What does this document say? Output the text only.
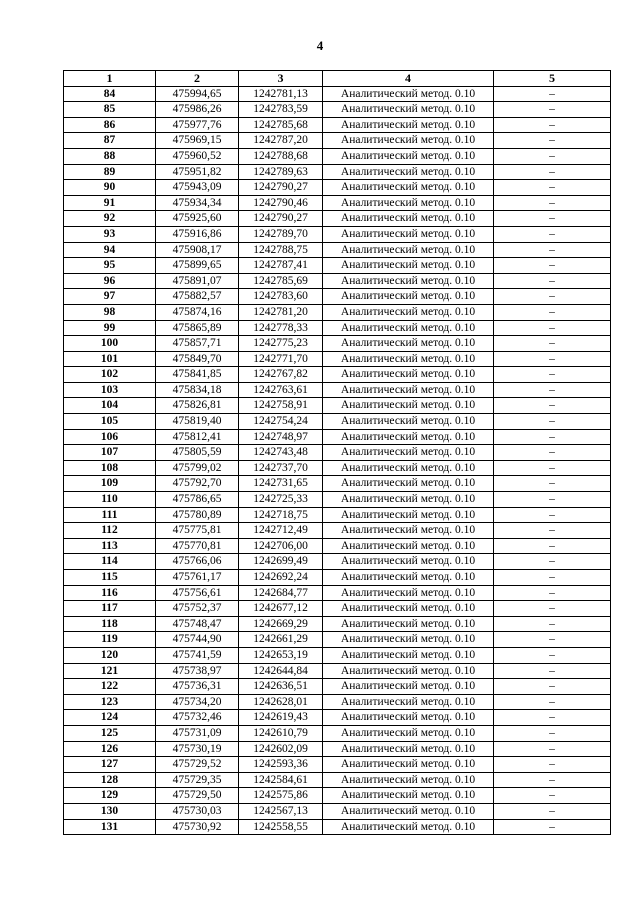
4
1	2	3	4	5
84	475994,65	1242781,13	Аналитический метод. 0.10	–
85	475986,26	1242783,59	Аналитический метод. 0.10	–
86	475977,76	1242785,68	Аналитический метод. 0.10	–
87	475969,15	1242787,20	Аналитический метод. 0.10	–
88	475960,52	1242788,68	Аналитический метод. 0.10	–
89	475951,82	1242789,63	Аналитический метод. 0.10	–
90	475943,09	1242790,27	Аналитический метод. 0.10	–
91	475934,34	1242790,46	Аналитический метод. 0.10	–
92	475925,60	1242790,27	Аналитический метод. 0.10	–
93	475916,86	1242789,70	Аналитический метод. 0.10	–
94	475908,17	1242788,75	Аналитический метод. 0.10	–
95	475899,65	1242787,41	Аналитический метод. 0.10	–
96	475891,07	1242785,69	Аналитический метод. 0.10	–
97	475882,57	1242783,60	Аналитический метод. 0.10	–
98	475874,16	1242781,20	Аналитический метод. 0.10	–
99	475865,89	1242778,33	Аналитический метод. 0.10	–
100	475857,71	1242775,23	Аналитический метод. 0.10	–
101	475849,70	1242771,70	Аналитический метод. 0.10	–
102	475841,85	1242767,82	Аналитический метод. 0.10	–
103	475834,18	1242763,61	Аналитический метод. 0.10	–
104	475826,81	1242758,91	Аналитический метод. 0.10	–
105	475819,40	1242754,24	Аналитический метод. 0.10	–
106	475812,41	1242748,97	Аналитический метод. 0.10	–
107	475805,59	1242743,48	Аналитический метод. 0.10	–
108	475799,02	1242737,70	Аналитический метод. 0.10	–
109	475792,70	1242731,65	Аналитический метод. 0.10	–
110	475786,65	1242725,33	Аналитический метод. 0.10	–
111	475780,89	1242718,75	Аналитический метод. 0.10	–
112	475775,81	1242712,49	Аналитический метод. 0.10	–
113	475770,81	1242706,00	Аналитический метод. 0.10	–
114	475766,06	1242699,49	Аналитический метод. 0.10	–
115	475761,17	1242692,24	Аналитический метод. 0.10	–
116	475756,61	1242684,77	Аналитический метод. 0.10	–
117	475752,37	1242677,12	Аналитический метод. 0.10	–
118	475748,47	1242669,29	Аналитический метод. 0.10	–
119	475744,90	1242661,29	Аналитический метод. 0.10	–
120	475741,59	1242653,19	Аналитический метод. 0.10	–
121	475738,97	1242644,84	Аналитический метод. 0.10	–
122	475736,31	1242636,51	Аналитический метод. 0.10	–
123	475734,20	1242628,01	Аналитический метод. 0.10	–
124	475732,46	1242619,43	Аналитический метод. 0.10	–
125	475731,09	1242610,79	Аналитический метод. 0.10	–
126	475730,19	1242602,09	Аналитический метод. 0.10	–
127	475729,52	1242593,36	Аналитический метод. 0.10	–
128	475729,35	1242584,61	Аналитический метод. 0.10	–
129	475729,50	1242575,86	Аналитический метод. 0.10	–
130	475730,03	1242567,13	Аналитический метод. 0.10	–
131	475730,92	1242558,55	Аналитический метод. 0.10	–
